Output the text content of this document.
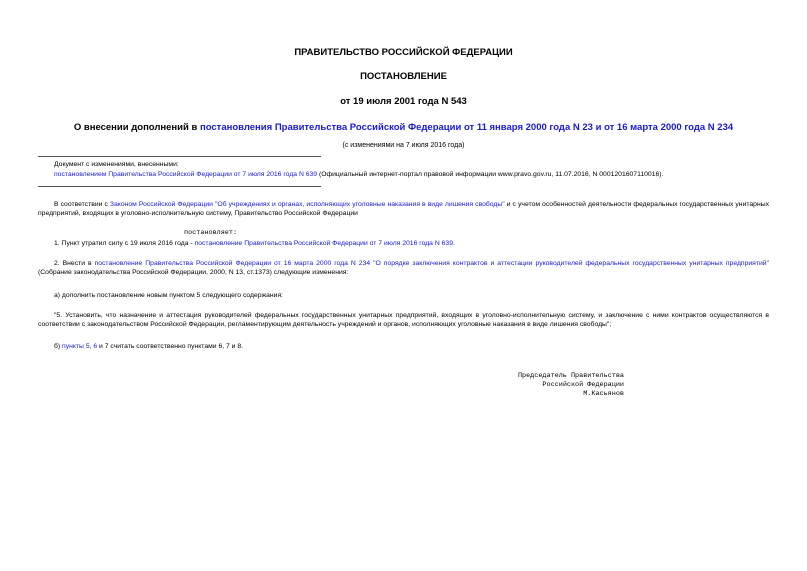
ПРАВИТЕЛЬСТВО РОССИЙСКОЙ ФЕДЕРАЦИИ
ПОСТАНОВЛЕНИЕ
от 19 июля 2001 года N 543
О внесении дополнений в постановления Правительства Российской Федерации от 11 января 2000 года N 23 и от 16 марта 2000 года N 234
(с изменениями на 7 июля 2016 года)
Документ с изменениями, внесенными:
постановлением Правительства Российской Федерации от 7 июля 2016 года N 639 (Официальный интернет-портал правовой информации www.pravo.gov.ru, 11.07.2016, N 0001201607110016).
В соответствии с Законом Российской Федерации "Об учреждениях и органах, исполняющих уголовные наказания в виде лишения свободы" и с учетом особенностей деятельности федеральных государственных унитарных предприятий, входящих в уголовно-исполнительную систему, Правительство Российской Федерации
постановляет:
1. Пункт утратил силу с 19 июля 2016 года - постановление Правительства Российской Федерации от 7 июля 2016 года N 639.
2. Внести в постановление Правительства Российской Федерации от 16 марта 2000 года N 234 "О порядке заключения контрактов и аттестации руководителей федеральных государственных унитарных предприятий" (Собрание законодательства Российской Федерации, 2000, N 13, ст.1373) следующие изменения:
а) дополнить постановление новым пунктом 5 следующего содержания:
"5. Установить, что назначение и аттестация руководителей федеральных государственных унитарных предприятий, входящих в уголовно-исполнительную систему, и заключение с ними контрактов осуществляются в соответствии с законодательством Российской Федерации, регламентирующим деятельность учреждений и органов, исполняющих уголовные наказания в виде лишения свободы";
б) пункты 5, 6 и 7 считать соответственно пунктами 6, 7 и 8.
Председатель Правительства
Российской Федерации
М.Касьянов
